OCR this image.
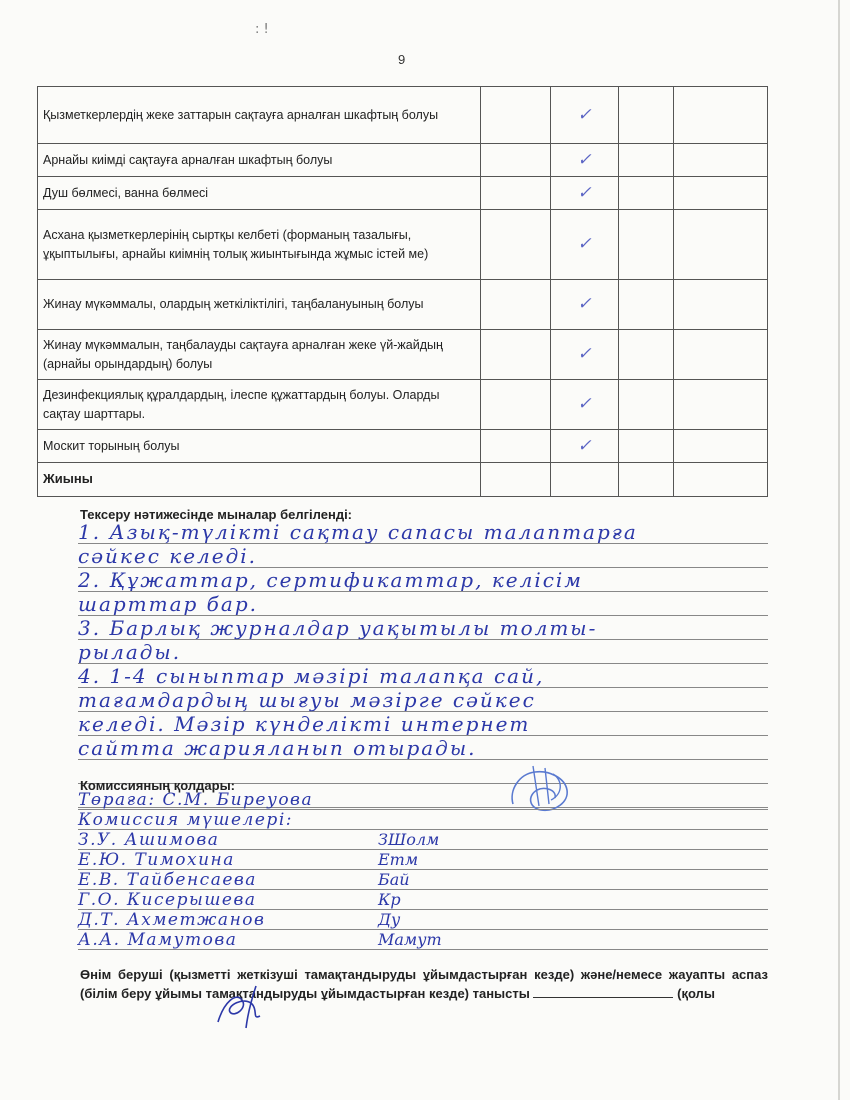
: !
9
Қызметкерлердің жеке заттарын сақтауға арналған шкафтың болуы		✓		
Арнайы киімді сақтауға арналған шкафтың болуы		✓		
Душ бөлмесі, ванна бөлмесі		✓		
Асхана қызметкерлерінің сыртқы келбеті (форманың тазалығы, ұқыптылығы, арнайы киімнің толық жиынтығында жұмыс істей ме)		✓		
Жинау мүкәммалы, олардың жеткіліктілігі, таңбалануының болуы		✓		
Жинау мүкәммалын, таңбалауды сақтауға арналған жеке үй-жайдың (арнайы орындардың) болуы		✓		
Дезинфекциялық құралдардың, ілеспе құжаттардың болуы. Оларды сақтау шарттары.		✓		
Москит торының болуы		✓		
Жиыны				
Тексеру нәтижесінде мыналар белгіленді:
1. Азық-түлікті сақтау сапасы талаптарға
сәйкес келеді.
2. Құжаттар, сертификаттар, келісім
шарттар бар.
3. Барлық журналдар уақытылы толты-
рылады.
4. 1-4 сыныптар мәзірі талапқа сай,
тағамдардың шығуы мәзірге сәйкес
келеді. Мәзір күнделікті интернет
сайтта жарияланып отырады.
Комиссияның қолдары:
Төраға: С.М. Биреуова
Комиссия мүшелері:
З.У. Ашимова	ЗШолм
Е.Ю. Тимохина	Етм
Е.В. Тайбенсаева	Бай
Г.О. Кисерышева	Кр
Д.Т. Ахметжанов	Ду
А.А. Мамутова	Мамут
Өнім беруші (қызметті жеткізуші тамақтандыруды ұйымдастырған кезде) және/немесе жауапты аспаз (білім беру ұйымы тамақтандыруды ұйымдастырған кезде) танысты	(қолы
